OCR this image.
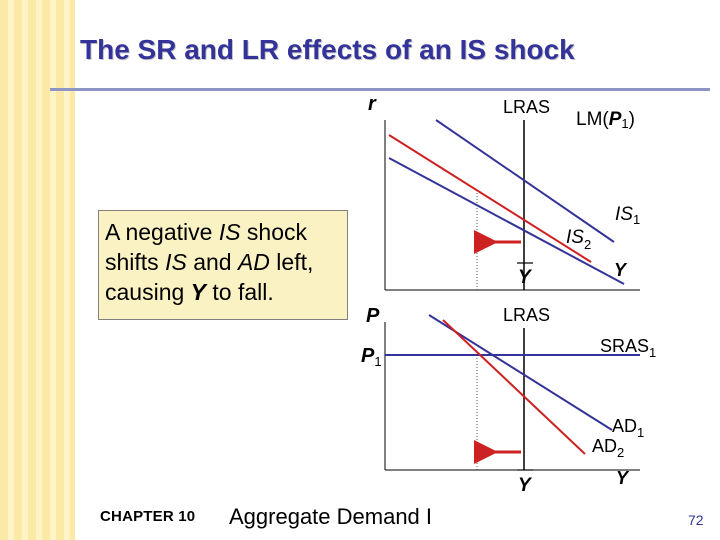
The SR and LR effects of an IS shock
A negative IS shock
shifts IS and AD left,
causing Y to fall.
r	LRAS
LM(P1)
$IS_1$
$IS_2$
Y	Y
P
$P_1$
LRAS
$SRAS_1$
$AD_1$
$AD_2$
Y	Y
CHAPTER 10 Aggregate Demand I	72
